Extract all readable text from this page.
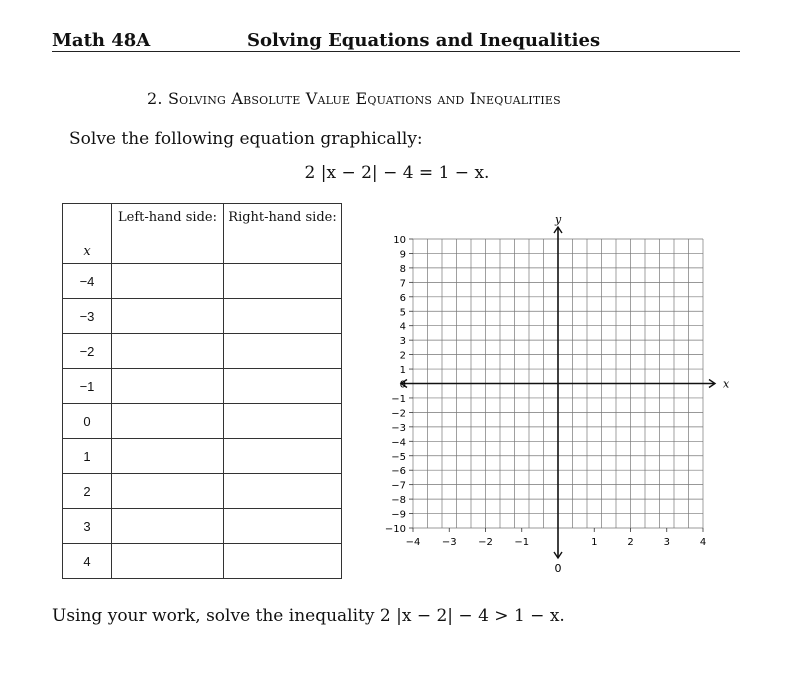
Math 48A	Solving Equations and Inequalities
2. Solving Absolute Value Equations and Inequalities
Solve the following equation graphically:
2 |x − 2| − 4 = 1 − x.
x	Left-hand side:	Right-hand side:
−4		
−3		
−2		
−1		
0		
1		
2		
3		
4		
10
9
8
7
6
5
4
3
2
1
0
−1
−2
−3
−4
−5
−6
−7
−8
−9
−10
−4 −3 −2 −1	1	2	3	4
x
y
0
Using your work, solve the inequality 2 |x − 2| − 4 > 1 − x.
